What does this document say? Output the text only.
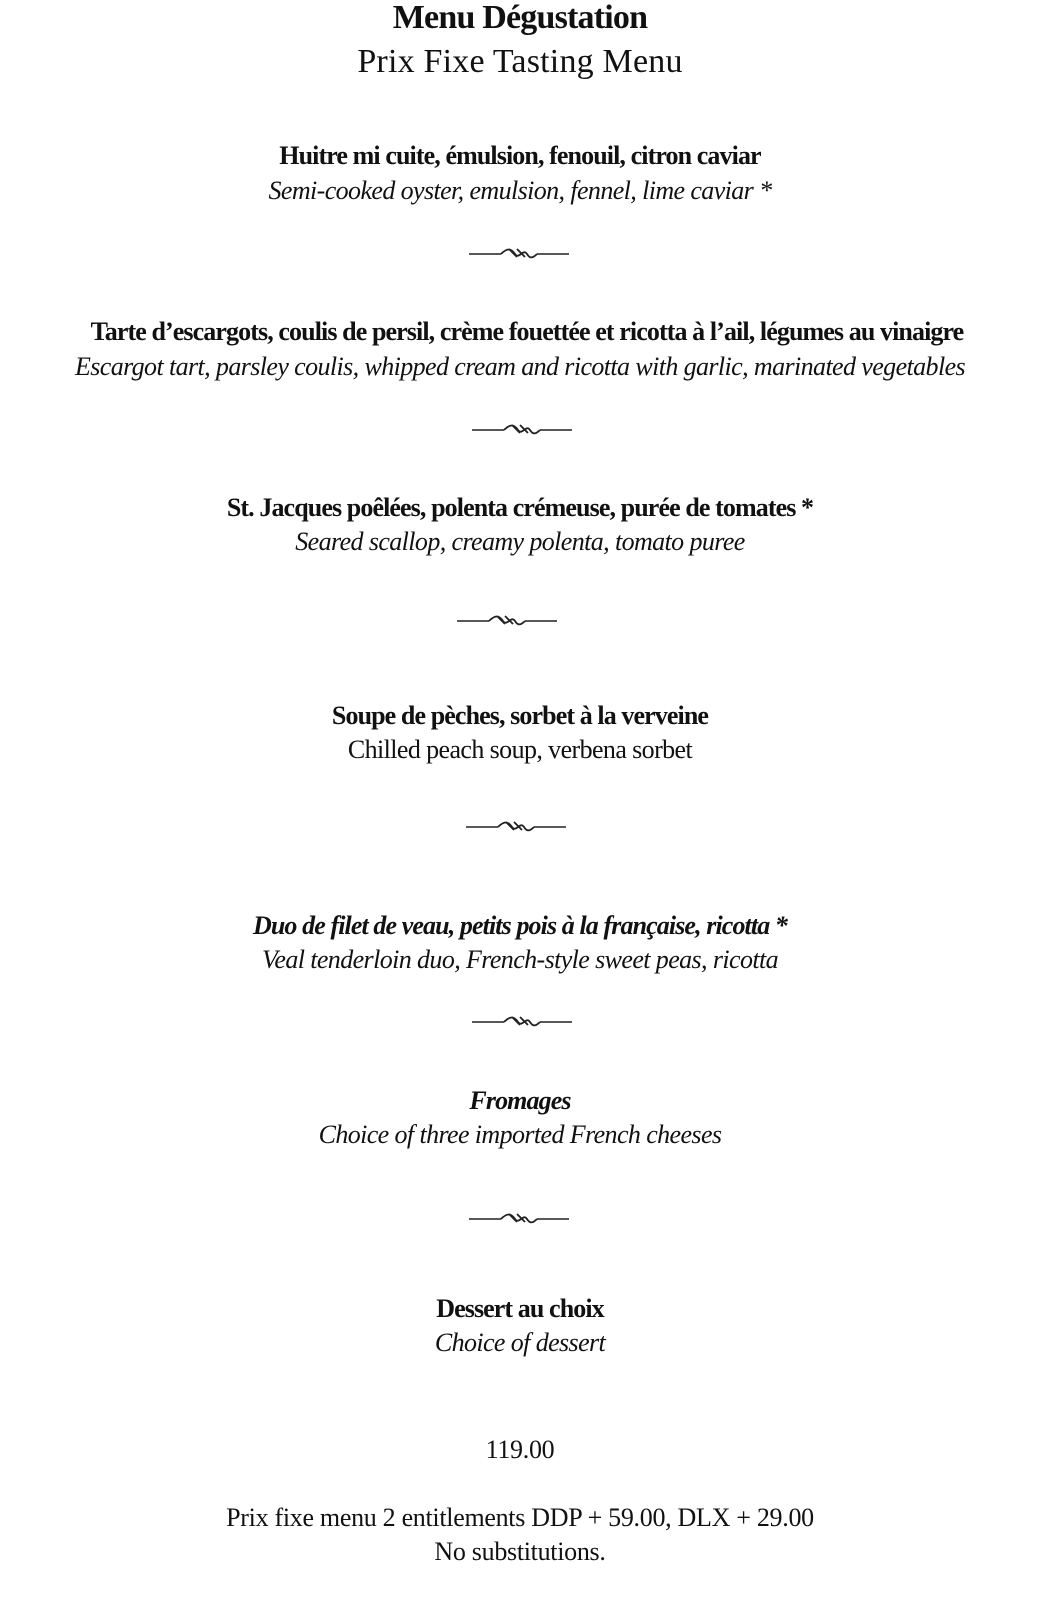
Menu Dégustation
Prix Fixe Tasting Menu
Huitre mi cuite, émulsion, fenouil, citron caviar
Semi-cooked oyster, emulsion, fennel, lime caviar *
Tarte d’escargots, coulis de persil, crème fouettée et ricotta à l’ail, légumes au vinaigre
Escargot tart, parsley coulis, whipped cream and ricotta with garlic, marinated vegetables
St. Jacques poêlées, polenta crémeuse, purée de tomates *
Seared scallop, creamy polenta, tomato puree
Soupe de pèches, sorbet à la verveine
Chilled peach soup, verbena sorbet
Duo de filet de veau, petits pois à la française, ricotta *
Veal tenderloin duo, French-style sweet peas, ricotta
Fromages
Choice of three imported French cheeses
Dessert au choix
Choice of dessert
119.00
Prix fixe menu 2 entitlements DDP + 59.00, DLX + 29.00
No substitutions.
